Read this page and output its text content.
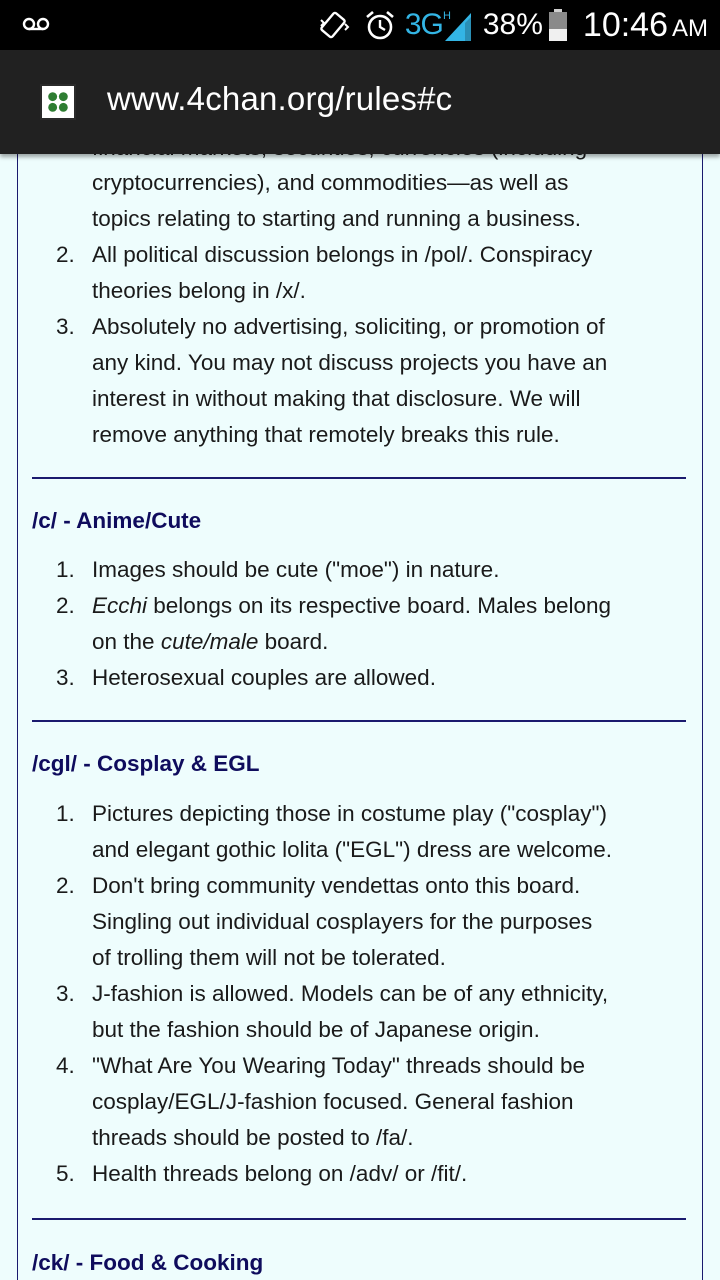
cryptocurrencies), and commodities—as well as
topics relating to starting and running a business.
2. All political discussion belongs in /pol/. Conspiracy
theories belong in /x/.
3. Absolutely no advertising, soliciting, or promotion of
any kind. You may not discuss projects you have an
interest in without making that disclosure. We will
remove anything that remotely breaks this rule.
/c/ - Anime/Cute
1. Images should be cute ("moe") in nature.
2. Ecchi belongs on its respective board. Males belong
on the cute/male board.
3. Heterosexual couples are allowed.
/cgl/ - Cosplay & EGL
1. Pictures depicting those in costume play ("cosplay")
and elegant gothic lolita ("EGL") dress are welcome.
2. Don't bring community vendettas onto this board.
Singling out individual cosplayers for the purposes
of trolling them will not be tolerated.
3. J-fashion is allowed. Models can be of any ethnicity,
but the fashion should be of Japanese origin.
4. "What Are You Wearing Today" threads should be
cosplay/EGL/J-fashion focused. General fashion
threads should be posted to /fa/.
5. Health threads belong on /adv/ or /fit/.
/ck/ - Food & Cooking
3G H 38% 10:46 AM
www.4chan.org/rules#c
